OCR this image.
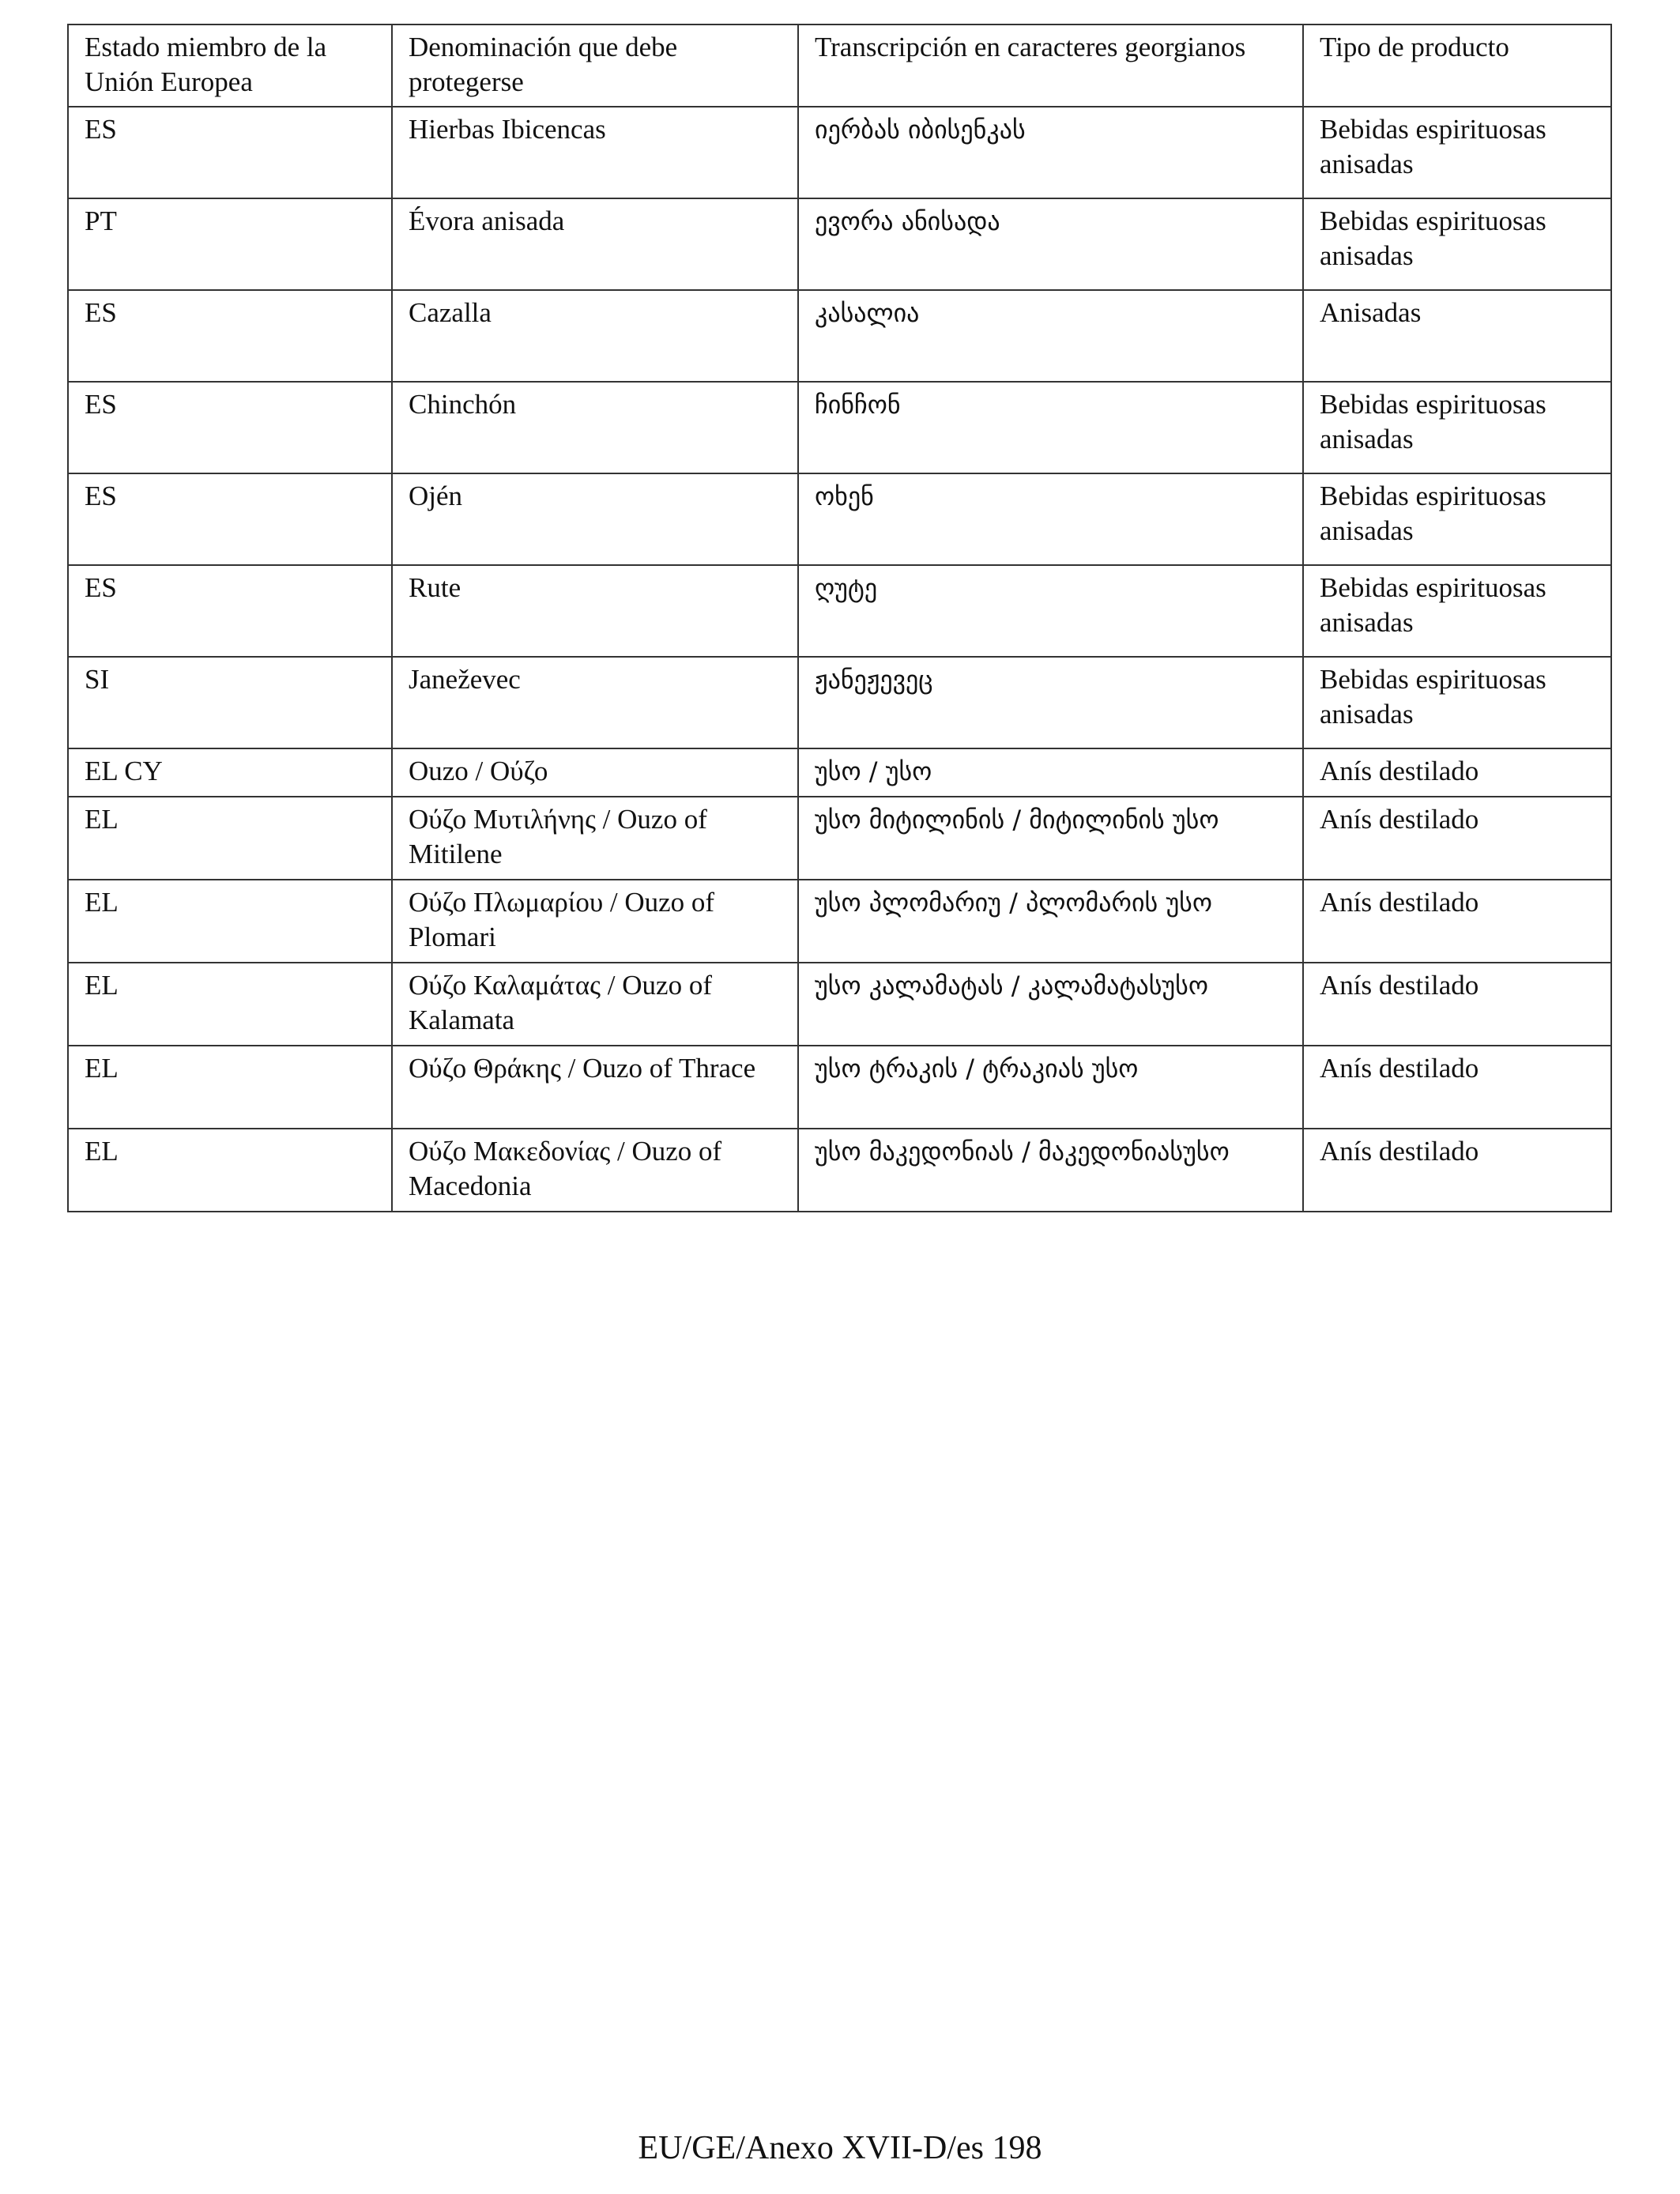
Estado miembro de la Unión Europea	Denominación que debe protegerse	Transcripción en caracteres georgianos	Tipo de producto
ES	Hierbas Ibicencas	იერბას იბისენკას	Bebidas espirituosas anisadas
PT	Évora anisada	ევორა ანისადა	Bebidas espirituosas anisadas
ES	Cazalla	კასალია	Anisadas
ES	Chinchón	ჩინჩონ	Bebidas espirituosas anisadas
ES	Ojén	ოხენ	Bebidas espirituosas anisadas
ES	Rute	ღუტე	Bebidas espirituosas anisadas
SI	Janeževec	ჟანეჟევეც	Bebidas espirituosas anisadas
EL CY	Ouzo / Ούζο	უსო / უსო	Anís destilado
EL	Ούζο Μυτιλήνης / Ouzo of Mitilene	უსო მიტილინის / მიტილინის უსო	Anís destilado
EL	Ούζο Πλωμαρίου / Ouzo of Plomari	უსო პლომარიუ / პლომარის უსო	Anís destilado
EL	Ούζο Καλαμάτας / Ouzo of Kalamata	უსო კალამატას / კალამატასუსო	Anís destilado
EL	Ούζο Θράκης / Ouzo of Thrace	უსო ტრაკის / ტრაკიას უსო	Anís destilado
EL	Ούζο Μακεδονίας / Ouzo of Macedonia	უსო მაკედონიას / მაკედონიასუსო	Anís destilado
EU/GE/Anexo XVII-D/es 198
